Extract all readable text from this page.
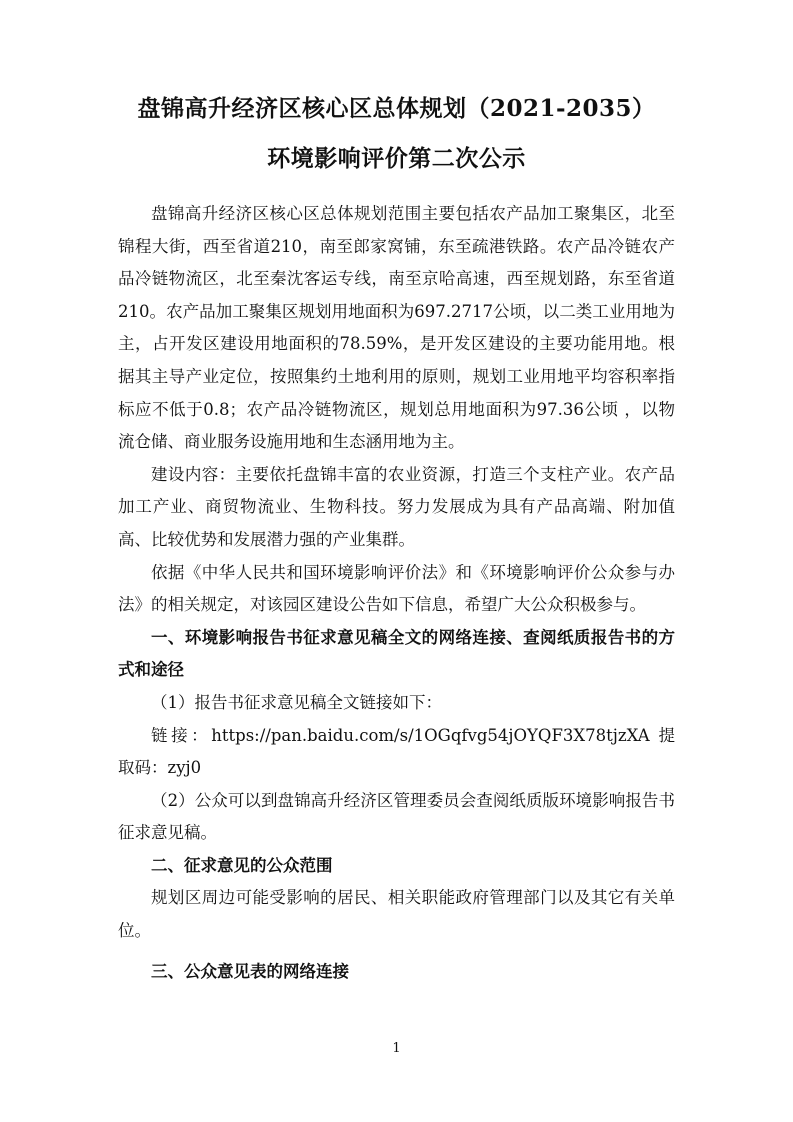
盘锦高升经济区核心区总体规划（2021-2035）
环境影响评价第二次公示

盘锦高升经济区核心区总体规划范围主要包括农产品加工聚集区，北至锦程大街，西至省道210，南至郎家窝铺，东至疏港铁路。农产品冷链农产品冷链物流区，北至秦沈客运专线，南至京哈高速，西至规划路，东至省道210。农产品加工聚集区规划用地面积为697.2717公顷，以二类工业用地为主，占开发区建设用地面积的78.59%，是开发区建设的主要功能用地。根据其主导产业定位，按照集约土地利用的原则，规划工业用地平均容积率指标应不低于0.8；农产品冷链物流区，规划总用地面积为97.36公顷 ，以物流仓储、商业服务设施用地和生态涵用地为主。

建设内容：主要依托盘锦丰富的农业资源，打造三个支柱产业。农产品加工产业、商贸物流业、生物科技。努力发展成为具有产品高端、附加值高、比较优势和发展潜力强的产业集群。

依据《中华人民共和国环境影响评价法》和《环境影响评价公众参与办法》的相关规定，对该园区建设公告如下信息，希望广大公众积极参与。

一、环境影响报告书征求意见稿全文的网络连接、查阅纸质报告书的方式和途径

（1）报告书征求意见稿全文链接如下：

链接：https://pan.baidu.com/s/1OGqfvg54jOYQF3X78tjzXA 提取码：zyj0

（2）公众可以到盘锦高升经济区管理委员会查阅纸质版环境影响报告书征求意见稿。

二、征求意见的公众范围

规划区周边可能受影响的居民、相关职能政府管理部门以及其它有关单位。

三、公众意见表的网络连接

1
